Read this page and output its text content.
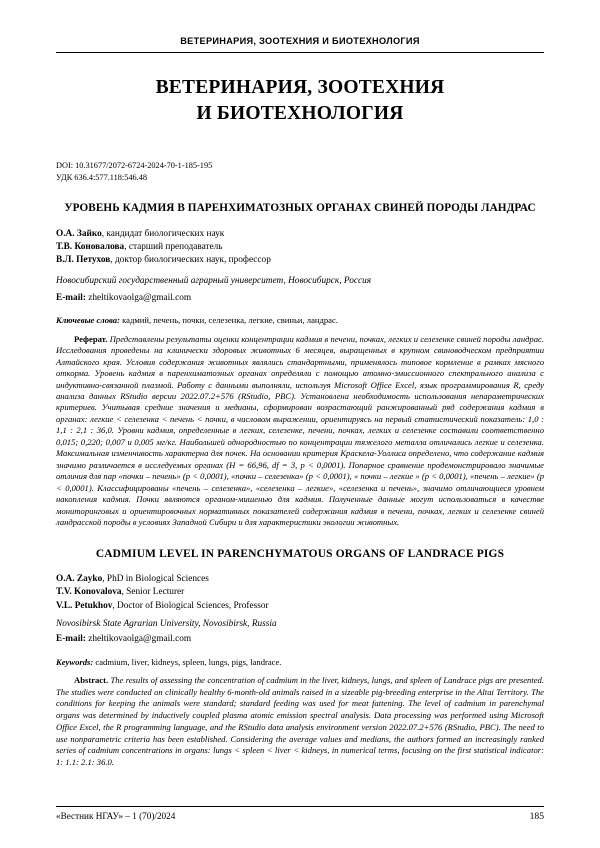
ВЕТЕРИНАРИЯ, ЗООТЕХНИЯ И БИОТЕХНОЛОГИЯ
ВЕТЕРИНАРИЯ, ЗООТЕХНИЯ
И БИОТЕХНОЛОГИЯ
DOI: 10.31677/2072-6724-2024-70-1-185-195
УДК 636.4:577.118:546.48
УРОВЕНЬ КАДМИЯ В ПАРЕНХИМАТОЗНЫХ ОРГАНАХ СВИНЕЙ ПОРОДЫ ЛАНДРАС
О.А. Зайко, кандидат биологических наук
Т.В. Коновалова, старший преподаватель
В.Л. Петухов, доктор биологических наук, профессор
Новосибирский государственный аграрный университет, Новосибирск, Россия
E-mail: zheltikovaolga@gmail.com
Ключевые слова: кадмий, печень, почки, селезенка, легкие, свиньи, ландрас.
Реферат. Представлены результаты оценки концентрации кадмия в печени, почках, легких и селезенке свиней породы ландрас. Исследования проведены на клинически здоровых животных 6 месяцев, выращенных в крупном свиноводческом предприятии Алтайского края. Условия содержания животных являлись стандартными, применялось типовое кормление в рамках мясного откорма. Уровень кадмия в паренхиматозных органах определяли с помощью атомно-эмиссионного спектрального анализа с индуктивно-связанной плазмой. Работу с данными выполняли, используя Microsoft Office Excel, язык программирования R, среду анализа данных RStudio версии 2022.07.2+576 (RStudio, PBC). Установлена необходимость использования непараметрических критериев. Учитывая средние значения и медианы, сформирован возрастающий ранжированный ряд содержания кадмия в органах: легкие < селезенка < печень < почки, в числовом выражении, ориентируясь на первый статистический показатель: 1,0 : 1,1 : 2,1 : 36,0. Уровни кадмия, определенные в легких, селезенке, печени, почках, легких и селезенке составили соответственно 0,015; 0,220; 0,007 и 0,005 мг/кг. Наибольшей однородностью по концентрации тяжелого металла отличались легкие и селезенка. Максимальная изменчивость характерна для почек. На основании критерия Краскела-Уоллиса определено, что содержание кадмия значимо различается в исследуемых органах (H = 66,96, df = 3, p < 0,0001). Попарное сравнение продемонстрировало значимые отличия для пар «почки – печень» (p < 0,0001), «почки – селезенка» (p < 0,0001), « почки – легкие » (p < 0,0001), «печень – легкие» (p < 0,0001). Классифицированы «печень – селезенка», «селезенка – легкие», «селезенка и печень», значимо отличающиеся уровнем накопления кадмия. Почки являются органом-мишенью для кадмия. Полученные данные могут использоваться в качестве мониторинговых и ориентировочных нормативных показателей содержания кадмия в печени, почках, легких и селезенке свиней ландрасской породы в условиях Западной Сибири и для характеристики экологии животных.
CADMIUM LEVEL IN PARENCHYMATOUS ORGANS OF LANDRACE PIGS
O.A. Zayko, PhD in Biological Sciences
T.V. Konovalova, Senior Lecturer
V.L. Petukhov, Doctor of Biological Sciences, Professor
Novosibirsk State Agrarian University, Novosibirsk, Russia
E-mail: zheltikovaolga@gmail.com
Keywords: cadmium, liver, kidneys, spleen, lungs, pigs, landrace.
Abstract. The results of assessing the concentration of cadmium in the liver, kidneys, lungs, and spleen of Landrace pigs are presented. The studies were conducted on clinically healthy 6-month-old animals raised in a sizeable pig-breeding enterprise in the Altai Territory. The conditions for keeping the animals were standard; standard feeding was used for meat fattening. The level of cadmium in parenchymal organs was determined by inductively coupled plasma atomic emission spectral analysis. Data processing was performed using Microsoft Office Excel, the R programming language, and the RStudio data analysis environment version 2022.07.2+576 (RStudio, PBC). The need to use nonparametric criteria has been established. Considering the average values and medians, the authors formed an increasingly ranked series of cadmium concentrations in organs: lungs < spleen < liver < kidneys, in numerical terms, focusing on the first statistical indicator: 1: 1.1: 2.1: 36.0.
«Вестник НГАУ» – 1 (70)/2024	185
